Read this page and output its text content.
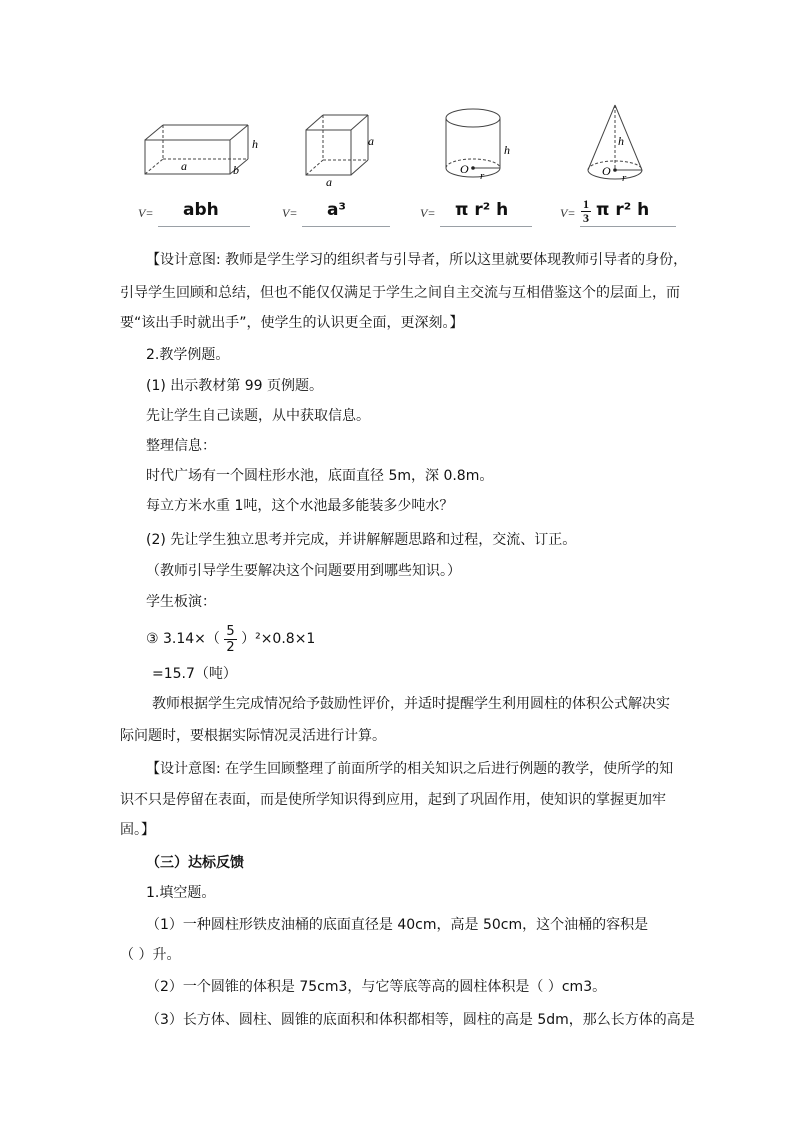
h
a	b
a
a
h
O r
h
O r
V= abh	V= a³	V= π r² h	$V= \frac{1}{3}$ π r² h
【设计意图: 教师是学生学习的组织者与引导者，所以这里就要体现教师引导者的身份，
引导学生回顾和总结，但也不能仅仅满足于学生之间自主交流与互相借鉴这个的层面上，而
要“该出手时就出手”，使学生的认识更全面，更深刻。】
2.教学例题。
(1) 出示教材第 99 页例题。
先让学生自己读题，从中获取信息。
整理信息：
时代广场有一个圆柱形水池，底面直径 5m，深 0.8m。
每立方米水重 1吨，这个水池最多能装多少吨水？
(2) 先让学生独立思考并完成，并讲解解题思路和过程，交流、订正。
（教师引导学生要解决这个问题要用到哪些知识。）
学生板演：
③ $3.14\times( \frac{5}{2} )^2\times 0.8\times 1$
=15.7（吨）
教师根据学生完成情况给予鼓励性评价，并适时提醒学生利用圆柱的体积公式解决实
际问题时，要根据实际情况灵活进行计算。
【设计意图: 在学生回顾整理了前面所学的相关知识之后进行例题的教学，使所学的知
识不只是停留在表面，而是使所学知识得到应用，起到了巩固作用，使知识的掌握更加牢
固。】
（三）达标反馈
1.填空题。
（1）一种圆柱形铁皮油桶的底面直径是 40cm，高是 50cm，这个油桶的容积是
（ ）升。
（2）一个圆锥的体积是 75cm3，与它等底等高的圆柱体积是（ ）cm3。
（3）长方体、圆柱、圆锥的底面积和体积都相等，圆柱的高是 5dm，那么长方体的高是
